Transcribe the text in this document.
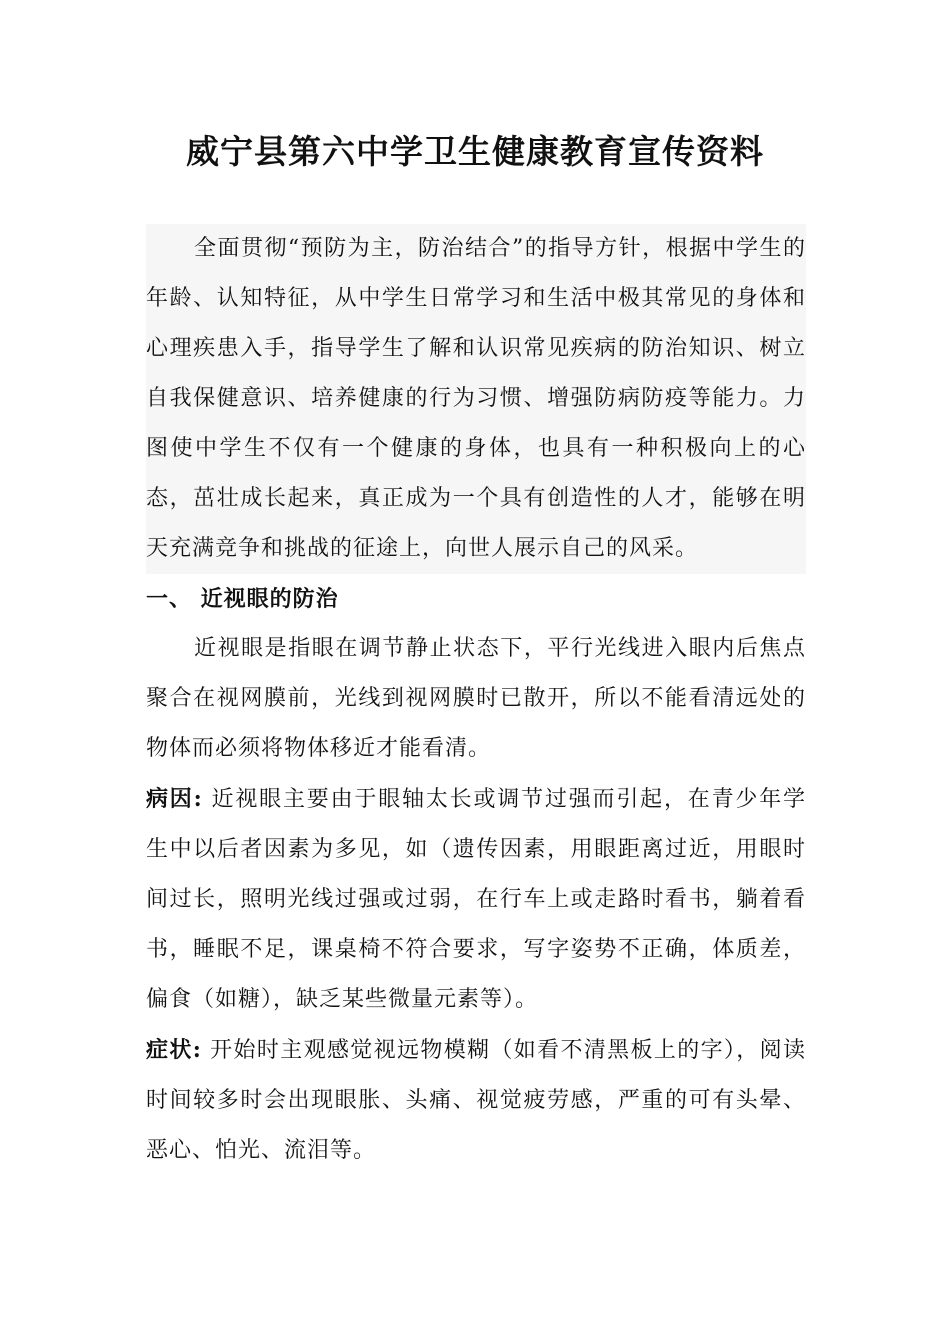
威宁县第六中学卫生健康教育宣传资料

全面贯彻“预防为主，防治结合”的指导方针，根据中学生的年龄、认知特征，从中学生日常学习和生活中极其常见的身体和心理疾患入手，指导学生了解和认识常见疾病的防治知识、树立自我保健意识、培养健康的行为习惯、增强防病防疫等能力。力图使中学生不仅有一个健康的身体，也具有一种积极向上的心态，茁壮成长起来，真正成为一个具有创造性的人才，能够在明天充满竞争和挑战的征途上，向世人展示自己的风采。

一、 近视眼的防治

近视眼是指眼在调节静止状态下，平行光线进入眼内后焦点聚合在视网膜前，光线到视网膜时已散开，所以不能看清远处的物体而必须将物体移近才能看清。

病因: 近视眼主要由于眼轴太长或调节过强而引起，在青少年学生中以后者因素为多见，如（遗传因素，用眼距离过近，用眼时间过长，照明光线过强或过弱，在行车上或走路时看书，躺着看书，睡眠不足，课桌椅不符合要求，写字姿势不正确，体质差，偏食（如糖），缺乏某些微量元素等）。

症状: 开始时主观感觉视远物模糊（如看不清黑板上的字），阅读时间较多时会出现眼胀、头痛、视觉疲劳感，严重的可有头晕、恶心、怕光、流泪等。
